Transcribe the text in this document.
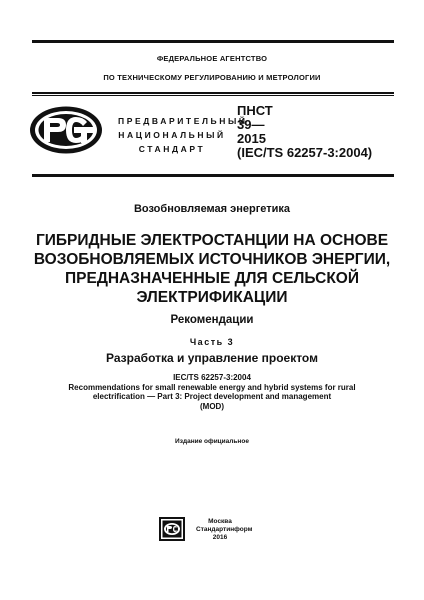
ФЕДЕРАЛЬНОЕ АГЕНТСТВО
ПО ТЕХНИЧЕСКОМУ РЕГУЛИРОВАНИЮ И МЕТРОЛОГИИ
ПРЕДВАРИТЕЛЬНЫЙ
НАЦИОНАЛЬНЫЙ
СТАНДАРТ
ПНСТ
39—
2015
(IEC/TS 62257-3:2004)
Возобновляемая энергетика
ГИБРИДНЫЕ ЭЛЕКТРОСТАНЦИИ НА ОСНОВЕ
ВОЗОБНОВЛЯЕМЫХ ИСТОЧНИКОВ ЭНЕРГИИ,
ПРЕДНАЗНАЧЕННЫЕ ДЛЯ СЕЛЬСКОЙ
ЭЛЕКТРИФИКАЦИИ
Рекомендации
Часть 3
Разработка и управление проектом
IEC/TS 62257-3:2004
Recommendations for small renewable energy and hybrid systems for rural
electrification — Part 3: Project development and management
(MOD)
Издание официальное
Москва
Стандартинформ
2016
